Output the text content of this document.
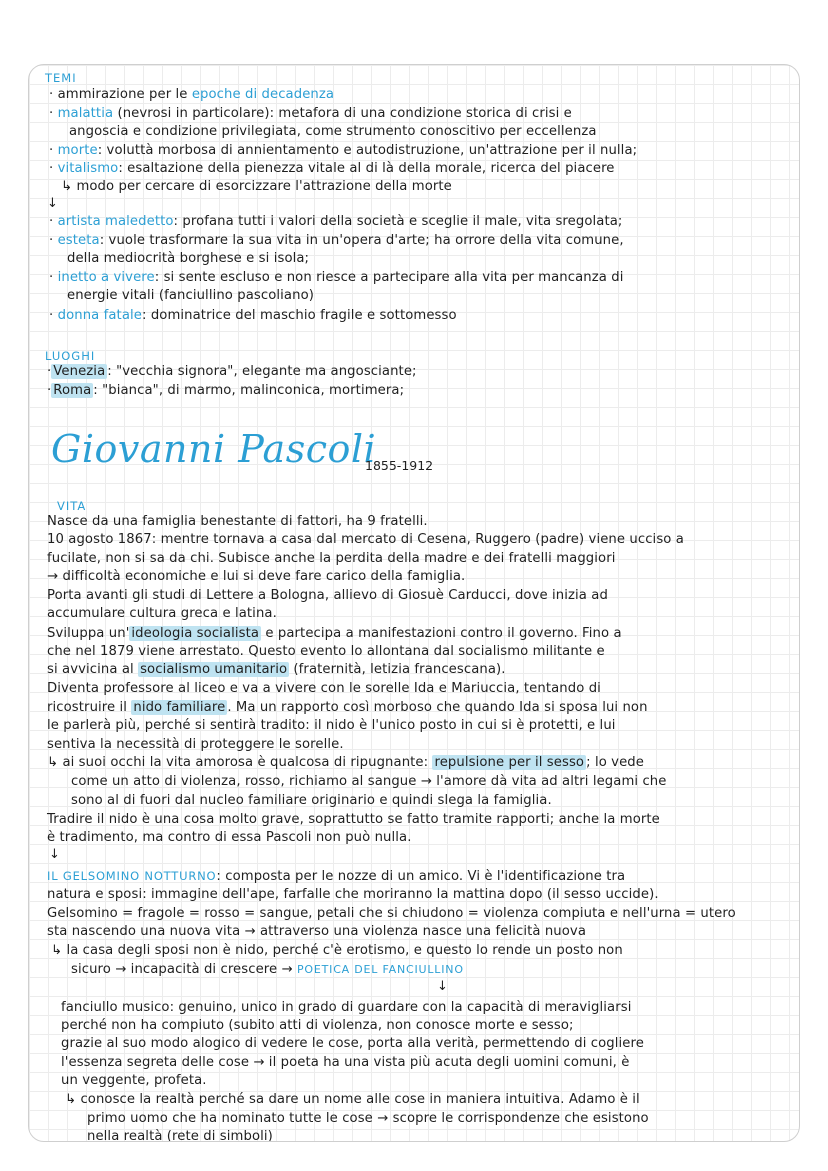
TEMI
· ammirazione per le epoche di decadenza
· malattia (nevrosi in particolare): metafora di una condizione storica di crisi e
angoscia e condizione privilegiata, come strumento conoscitivo per eccellenza
· morte: voluttà morbosa di annientamento e autodistruzione, un'attrazione per il nulla;
· vitalismo: esaltazione della pienezza vitale al di là della morale, ricerca del piacere
↳ modo per cercare di esorcizzare l'attrazione della morte
↓
· artista maledetto: profana tutti i valori della società e sceglie il male, vita sregolata;
· esteta: vuole trasformare la sua vita in un'opera d'arte; ha orrore della vita comune,
della mediocrità borghese e si isola;
· inetto a vivere: si sente escluso e non riesce a partecipare alla vita per mancanza di
energie vitali (fanciullino pascoliano)
· donna fatale: dominatrice del maschio fragile e sottomesso
LUOGHI
· Venezia : "vecchia signora", elegante ma angosciante;
· Roma : "bianca", di marmo, malinconica, mortimera;
Giovanni Pascoli
1855-1912
VITA
Nasce da una famiglia benestante di fattori, ha 9 fratelli.
10 agosto 1867: mentre tornava a casa dal mercato di Cesena, Ruggero (padre) viene ucciso a
fucilate, non si sa da chi. Subisce anche la perdita della madre e dei fratelli maggiori
→ difficoltà economiche e lui si deve fare carico della famiglia.
Porta avanti gli studi di Lettere a Bologna, allievo di Giosuè Carducci, dove inizia ad
accumulare cultura greca e latina.
Sviluppa un' ideologia socialista e partecipa a manifestazioni contro il governo. Fino a
che nel 1879 viene arrestato. Questo evento lo allontana dal socialismo militante e
si avvicina al socialismo umanitario (fraternità, letizia francescana).
Diventa professore al liceo e va a vivere con le sorelle Ida e Mariuccia, tentando di
ricostruire il nido familiare . Ma un rapporto così morboso che quando Ida si sposa lui non
le parlerà più, perché si sentirà tradito: il nido è l'unico posto in cui si è protetti, e lui
sentiva la necessità di proteggere le sorelle.
↳ ai suoi occhi la vita amorosa è qualcosa di ripugnante: repulsione per il sesso ; lo vede
come un atto di violenza, rosso, richiamo al sangue → l'amore dà vita ad altri legami che
sono al di fuori dal nucleo familiare originario e quindi slega la famiglia.
Tradire il nido è una cosa molto grave, soprattutto se fatto tramite rapporti; anche la morte
è tradimento, ma contro di essa Pascoli non può nulla.
↓
IL GELSOMINO NOTTURNO: composta per le nozze di un amico. Vi è l'identificazione tra
natura e sposi: immagine dell'ape, farfalle che moriranno la mattina dopo (il sesso uccide).
Gelsomino = fragole = rosso = sangue, petali che si chiudono = violenza compiuta e nell'urna = utero
sta nascendo una nuova vita → attraverso una violenza nasce una felicità nuova
↳ la casa degli sposi non è nido, perché c'è erotismo, e questo lo rende un posto non
sicuro → incapacità di crescere → POETICA DEL FANCIULLINO
↓
fanciullo musico: genuino, unico in grado di guardare con la capacità di meravigliarsi
perché non ha compiuto (subito atti di violenza, non conosce morte e sesso;
grazie al suo modo alogico di vedere le cose, porta alla verità, permettendo di cogliere
l'essenza segreta delle cose → il poeta ha una vista più acuta degli uomini comuni, è
un veggente, profeta.
↳ conosce la realtà perché sa dare un nome alle cose in maniera intuitiva. Adamo è il
primo uomo che ha nominato tutte le cose → scopre le corrispondenze che esistono
nella realtà (rete di simboli)
